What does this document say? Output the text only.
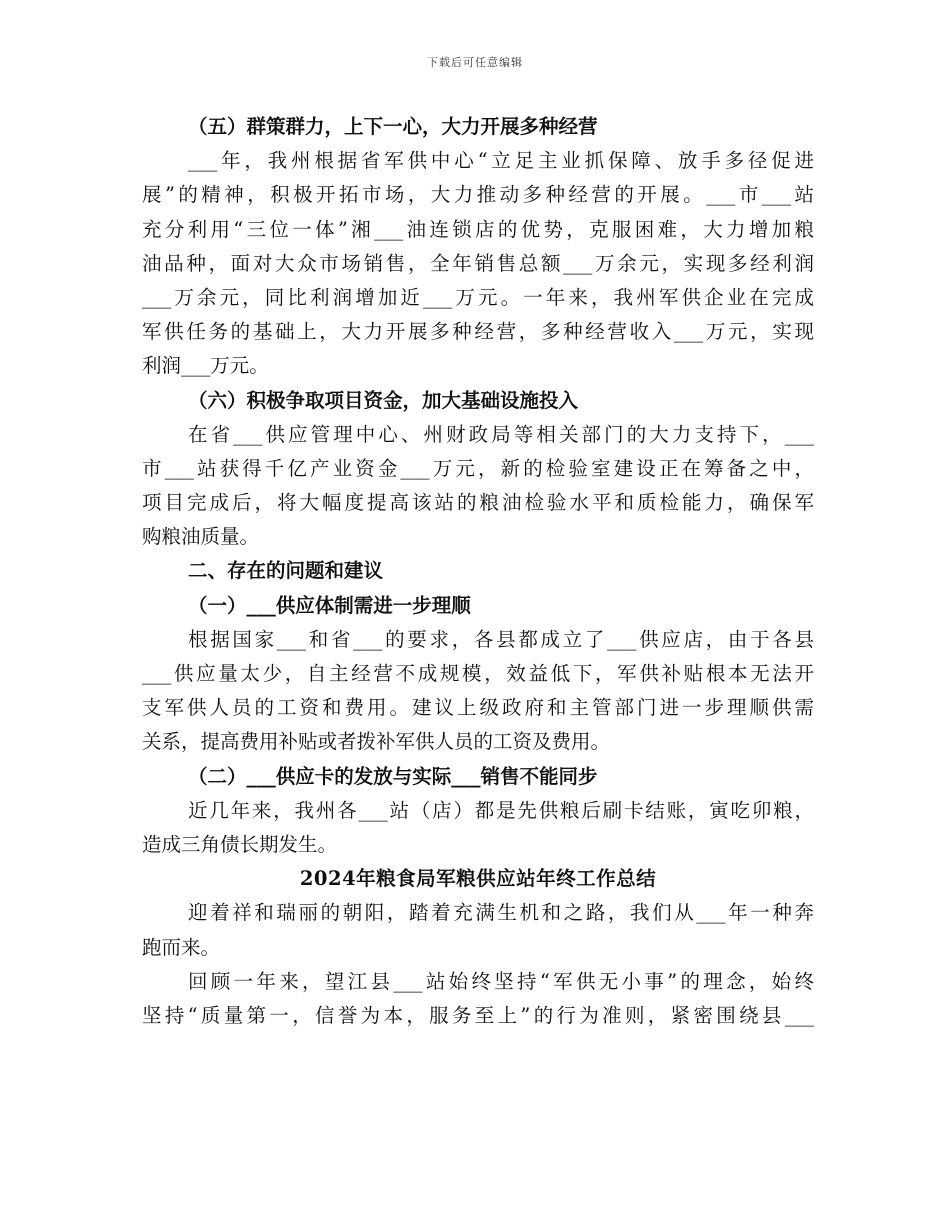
下载后可任意编辑
（五）群策群力，上下一心，大力开展多种经营
___年，我州根据省军供中心“立足主业抓保障、放手多径促进
展”的精神，积极开拓市场，大力推动多种经营的开展。___市___站
充分利用“三位一体”湘___油连锁店的优势，克服困难，大力增加粮
油品种，面对大众市场销售，全年销售总额___万余元，实现多经利润
___万余元，同比利润增加近___万元。一年来，我州军供企业在完成
军供任务的基础上，大力开展多种经营，多种经营收入___万元，实现
利润___万元。
（六）积极争取项目资金，加大基础设施投入
在省___供应管理中心、州财政局等相关部门的大力支持下，___
市___站获得千亿产业资金___万元，新的检验室建设正在筹备之中，
项目完成后，将大幅度提高该站的粮油检验水平和质检能力，确保军
购粮油质量。
二、存在的问题和建议
（一）___供应体制需进一步理顺
根据国家___和省___的要求，各县都成立了___供应店，由于各县
___供应量太少，自主经营不成规模，效益低下，军供补贴根本无法开
支军供人员的工资和费用。建议上级政府和主管部门进一步理顺供需
关系，提高费用补贴或者拨补军供人员的工资及费用。
（二）___供应卡的发放与实际___销售不能同步
近几年来，我州各___站（店）都是先供粮后刷卡结账，寅吃卯粮，
造成三角债长期发生。
2024年粮食局军粮供应站年终工作总结
迎着祥和瑞丽的朝阳，踏着充满生机和之路，我们从___年一种奔
跑而来。
回顾一年来，望江县___站始终坚持“军供无小事”的理念，始终
坚持“质量第一，信誉为本，服务至上”的行为准则，紧密围绕县___
